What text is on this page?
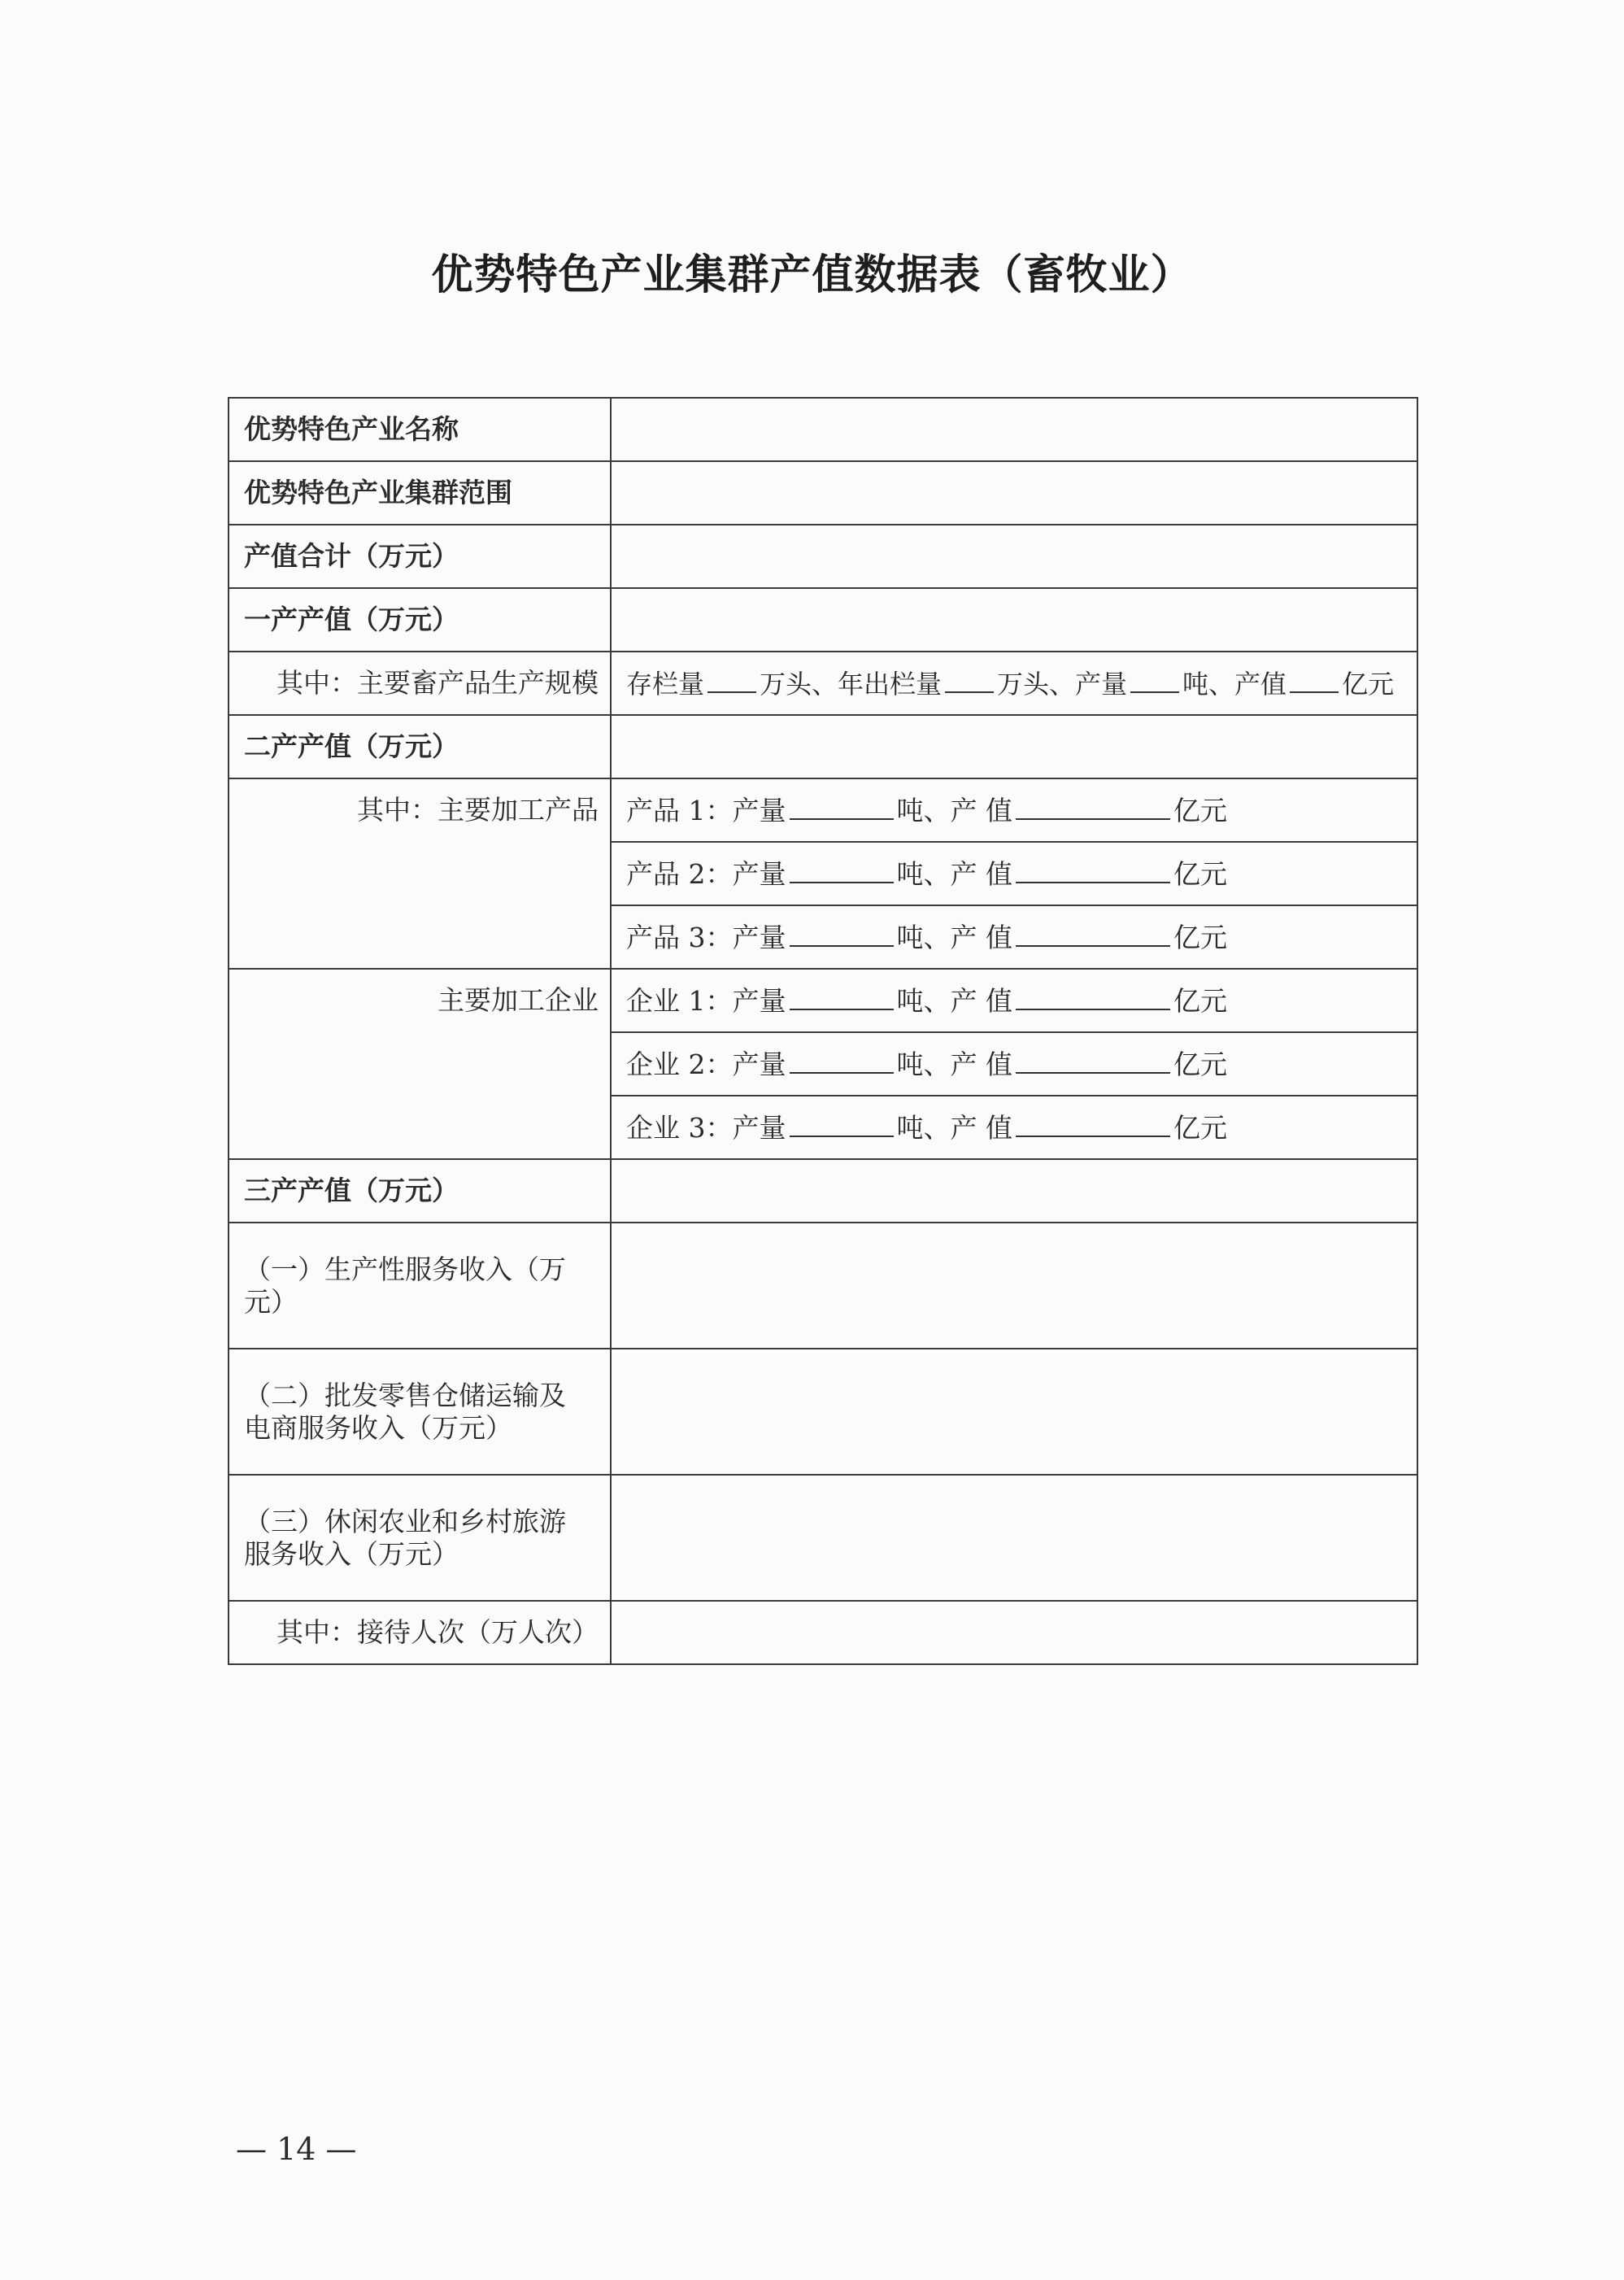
优势特色产业集群产值数据表（畜牧业）
优势特色产业名称	
优势特色产业集群范围	
产值合计（万元）	
一产产值（万元）	
其中：主要畜产品生产规模	存栏量 万头、年出栏量 万头、产量 吨、产值 亿元
二产产值（万元）	
其中：主要加工产品	产品 1：产量 吨、产 值 亿元
	产品 2：产量 吨、产 值 亿元
	产品 3：产量 吨、产 值 亿元
主要加工企业	企业 1：产量 吨、产 值 亿元
	企业 2：产量 吨、产 值 亿元
	企业 3：产量 吨、产 值 亿元
三产产值（万元）	

（一）生产性服务收入（万
元）	

（二）批发零售仓储运输及
电商服务收入（万元）	

（三）休闲农业和乡村旅游
服务收入（万元）	

其中：接待人次（万人次）	
— 14 —
